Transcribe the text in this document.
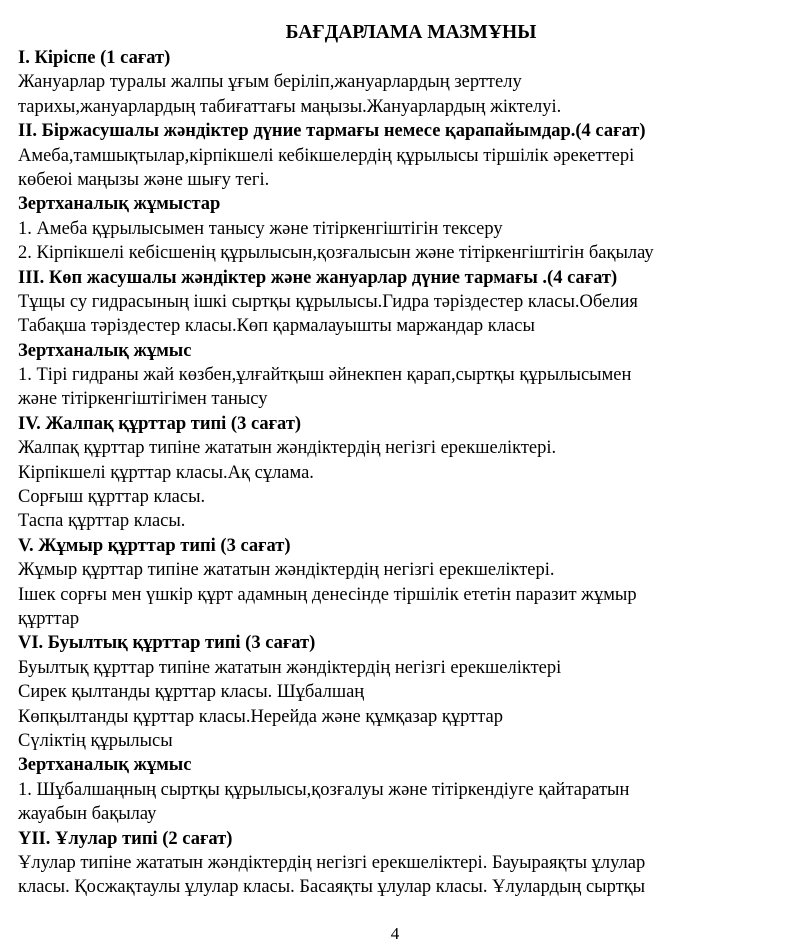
БАҒДАРЛАМА МАЗМҰНЫ
I. Кіріспе (1 сағат)
Жануарлар туралы жалпы ұғым беріліп,жануарлардың зерттелу
тарихы,жануарлардың табиғаттағы маңызы.Жануарлардың жіктелуі.
II. Біржасушалы жәндіктер дүние тармағы немесе қарапайымдар.(4 сағат)
Амеба,тамшықтылар,кірпікшелі кебікшелердің құрылысы тіршілік әрекеттері
көбеюі маңызы және шығу тегі.
Зертханалық жұмыстар
1. Амеба құрылысымен танысу және тітіркенгіштігін тексеру
2. Кірпікшелі кебісшенің құрылысын,қозғалысын және тітіркенгіштігін бақылау
III. Көп жасушалы жәндіктер және жануарлар дүние тармағы .(4 сағат)
Тұщы су гидрасының ішкі сыртқы құрылысы.Гидра тәріздестер класы.Обелия
Табақша тәріздестер класы.Көп қармалауышты маржандар класы
Зертханалық жұмыс
1. Тірі гидраны жай көзбен,ұлғайтқыш әйнекпен қарап,сыртқы құрылысымен
және тітіркенгіштігімен танысу
IV. Жалпақ құрттар типі (3 сағат)
Жалпақ құрттар типіне жататын жәндіктердің негізгі ерекшеліктері.
Кірпікшелі құрттар класы.Ақ сұлама.
Сорғыш құрттар класы.
Таспа құрттар класы.
V. Жұмыр құрттар типі (3 сағат)
Жұмыр құрттар типіне жататын жәндіктердің негізгі ерекшеліктері.
Ішек сорғы мен үшкір құрт адамның денесінде тіршілік ететін паразит жұмыр
құрттар
VI. Буылтық құрттар типі (3 сағат)
Буылтық құрттар типіне жататын жәндіктердің негізгі ерекшеліктері
Сирек қылтанды құрттар класы. Шұбалшаң
Көпқылтанды құрттар класы.Нерейда және құмқазар құрттар
Сүліктің құрылысы
Зертханалық жұмыс
1. Шұбалшаңның сыртқы құрылысы,қозғалуы және тітіркендіуге қайтаратын
жауабын бақылау
ҮІІ. Ұлулар типі (2 сағат)
Ұлулар типіне жататын жәндіктердің негізгі ерекшеліктері. Бауыраяқты ұлулар
класы. Қосжақтаулы ұлулар класы. Басаяқты ұлулар класы. Ұлулардың сыртқы
4
